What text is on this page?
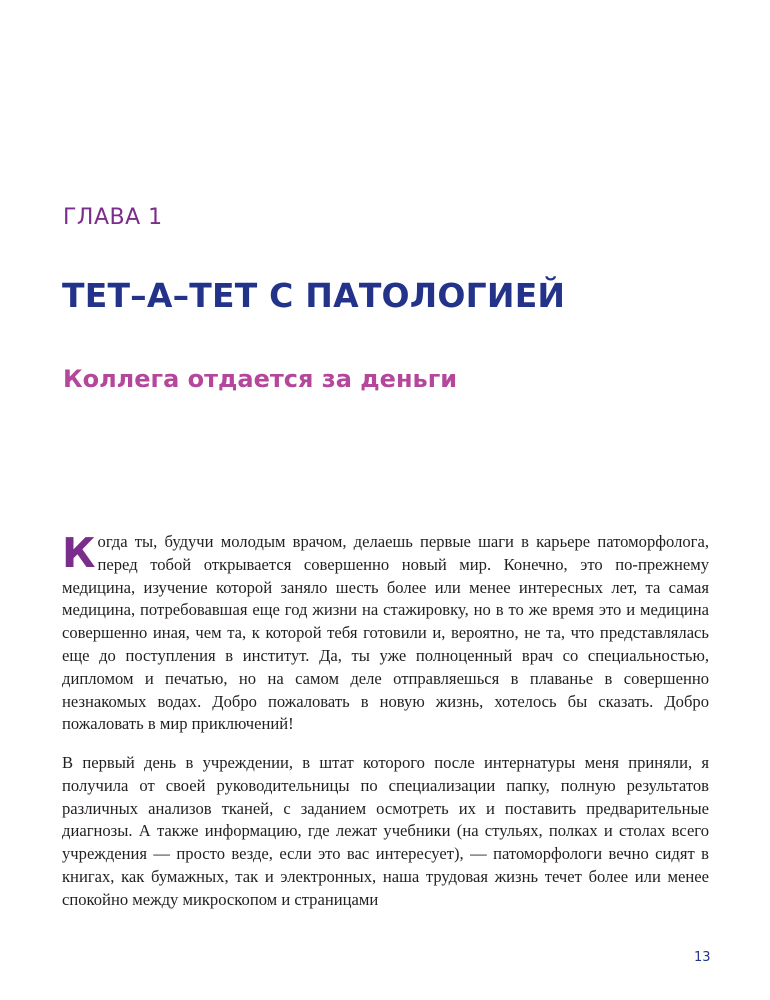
ГЛАВА 1
ТЕТ–А–ТЕТ С ПАТОЛОГИЕЙ
Коллега отдается за деньги

Когда ты, будучи молодым врачом, делаешь первые шаги в карьере патоморфолога, перед тобой открывается совершенно новый мир. Конечно, это по-прежнему медицина, изучение которой заняло шесть более или менее интересных лет, та самая медицина, потребовавшая еще год жизни на стажировку, но в то же время это и медицина совершенно иная, чем та, к которой тебя готовили и, вероятно, не та, что представлялась еще до поступления в институт. Да, ты уже полноценный врач со специальностью, дипломом и печатью, но на самом деле отправляешься в плаванье в совершенно незнакомых водах. Добро пожаловать в новую жизнь, хотелось бы сказать. Добро пожаловать в мир приключений!

В первый день в учреждении, в штат которого после интернатуры меня приняли, я получила от своей руководительницы по специализации папку, полную результатов различных анализов тканей, с заданием осмотреть их и поставить предварительные диагнозы. А также информацию, где лежат учебники (на стульях, полках и столах всего учреждения — просто везде, если это вас интересует), — патоморфологи вечно сидят в книгах, как бумажных, так и электронных, наша трудовая жизнь течет более или менее спокойно между микроскопом и страницами

13
